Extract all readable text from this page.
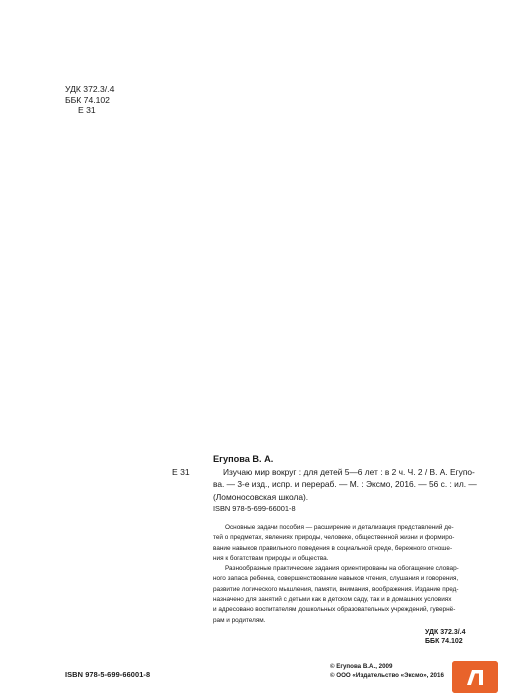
УДК 372.3/.4
ББК 74.102
Е 31
Егупова В. А.
Е 31	Изучаю мир вокруг : для детей 5—6 лет : в 2 ч. Ч. 2 / В. А. Егупо-
ва. — 3-е изд., испр. и перераб. — М. : Эксмо, 2016. — 56 с. : ил. —
(Ломоносовская школа).
ISBN 978-5-699-66001-8
Основные задачи пособия — расширение и детализация представлений де-
тей о предметах, явлениях природы, человеке, общественной жизни и формиро-
вание навыков правильного поведения в социальной среде, бережного отноше-
ния к богатствам природы и общества.
Разнообразные практические задания ориентированы на обогащение словар-
ного запаса ребенка, совершенствование навыков чтения, слушания и говорения,
развитие логического мышления, памяти, внимания, воображения. Издание пред-
назначено для занятий с детьми как в детском саду, так и в домашних условиях
и адресовано воспитателям дошкольных образовательных учреждений, гувернё-
рам и родителям.
УДК 372.3/.4
ББК 74.102
ISBN 978-5-699-66001-8
© Егупова В.А., 2009
© ООО «Издательство «Эксмо», 2016
